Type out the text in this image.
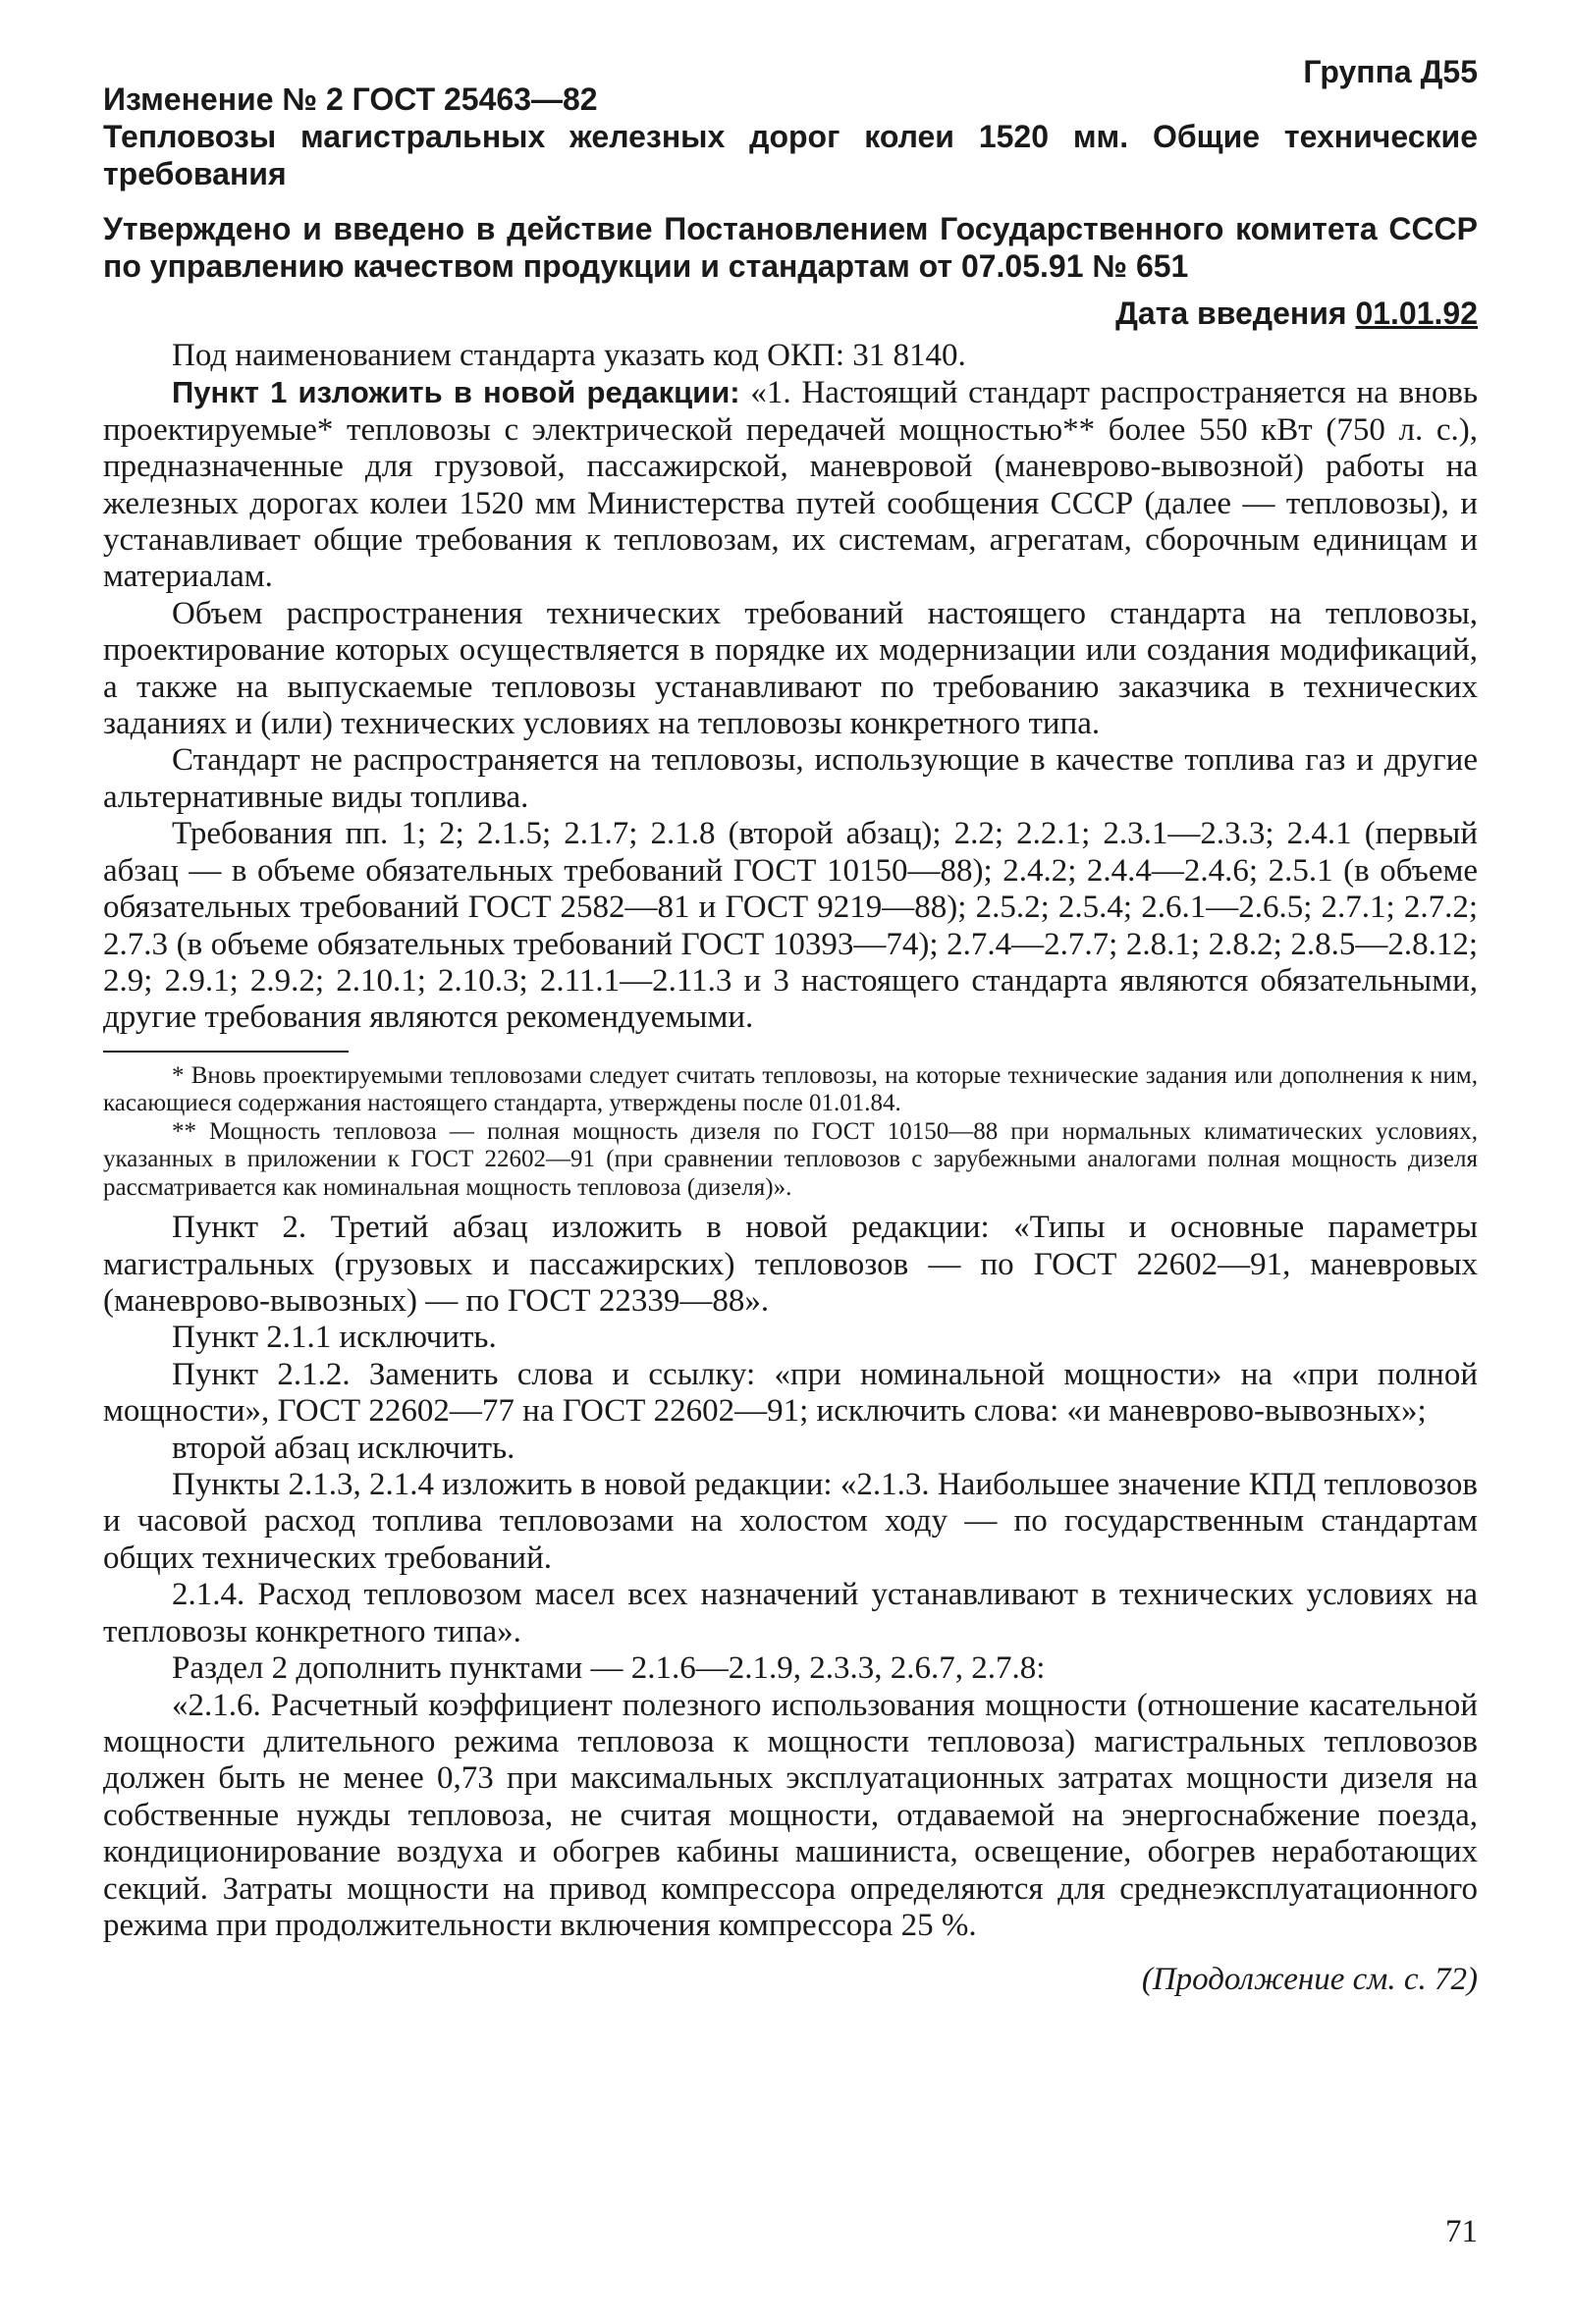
Группа Д55
Изменение № 2 ГОСТ 25463—82
Тепловозы магистральных железных дорог колеи 1520 мм. Общие технические требования
Утверждено и введено в действие Постановлением Государственного комитета СССР по управлению качеством продукции и стандартам от 07.05.91 № 651
Дата введения 01.01.92

Под наименованием стандарта указать код ОКП: 31 8140.

Пункт 1 изложить в новой редакции: «1. Настоящий стандарт распространяется на вновь проектируемые* тепловозы с электрической передачей мощностью** более 550 кВт (750 л. с.), предназначенные для грузовой, пассажирской, маневровой (маневрово-вывозной) работы на железных дорогах колеи 1520 мм Министерства путей сообщения СССР (далее — тепловозы), и устанавливает общие требования к тепловозам, их системам, агрегатам, сборочным единицам и материалам.

Объем распространения технических требований настоящего стандарта на тепловозы, проектирование которых осуществляется в порядке их модернизации или создания модификаций, а также на выпускаемые тепловозы устанавливают по требованию заказчика в технических заданиях и (или) технических условиях на тепловозы конкретного типа.

Стандарт не распространяется на тепловозы, использующие в качестве топлива газ и другие альтернативные виды топлива.

Требования пп. 1; 2; 2.1.5; 2.1.7; 2.1.8 (второй абзац); 2.2; 2.2.1; 2.3.1—2.3.3; 2.4.1 (первый абзац — в объеме обязательных требований ГОСТ 10150—88); 2.4.2; 2.4.4—2.4.6; 2.5.1 (в объеме обязательных требований ГОСТ 2582—81 и ГОСТ 9219—88); 2.5.2; 2.5.4; 2.6.1—2.6.5; 2.7.1; 2.7.2; 2.7.3 (в объеме обязательных требований ГОСТ 10393—74); 2.7.4—2.7.7; 2.8.1; 2.8.2; 2.8.5—2.8.12; 2.9; 2.9.1; 2.9.2; 2.10.1; 2.10.3; 2.11.1—2.11.3 и 3 настоящего стандарта являются обязательными, другие требования являются рекомендуемыми.

* Вновь проектируемыми тепловозами следует считать тепловозы, на которые технические задания или дополнения к ним, касающиеся содержания настоящего стандарта, утверждены после 01.01.84.

** Мощность тепловоза — полная мощность дизеля по ГОСТ 10150—88 при нормальных климатических условиях, указанных в приложении к ГОСТ 22602—91 (при сравнении тепловозов с зарубежными аналогами полная мощность дизеля рассматривается как номинальная мощность тепловоза (дизеля)».

Пункт 2. Третий абзац изложить в новой редакции: «Типы и основные параметры магистральных (грузовых и пассажирских) тепловозов — по ГОСТ 22602—91, маневровых (маневрово-вывозных) — по ГОСТ 22339—88».

Пункт 2.1.1 исключить.

Пункт 2.1.2. Заменить слова и ссылку: «при номинальной мощности» на «при полной мощности», ГОСТ 22602—77 на ГОСТ 22602—91; исключить слова: «и маневрово-вывозных»;

второй абзац исключить.

Пункты 2.1.3, 2.1.4 изложить в новой редакции: «2.1.3. Наибольшее значение КПД тепловозов и часовой расход топлива тепловозами на холостом ходу — по государственным стандартам общих технических требований.

2.1.4. Расход тепловозом масел всех назначений устанавливают в технических условиях на тепловозы конкретного типа».

Раздел 2 дополнить пунктами — 2.1.6—2.1.9, 2.3.3, 2.6.7, 2.7.8:

«2.1.6. Расчетный коэффициент полезного использования мощности (отношение касательной мощности длительного режима тепловоза к мощности тепловоза) магистральных тепловозов должен быть не менее 0,73 при максимальных эксплуатационных затратах мощности дизеля на собственные нужды тепловоза, не считая мощности, отдаваемой на энергоснабжение поезда, кондиционирование воздуха и обогрев кабины машиниста, освещение, обогрев неработающих секций. Затраты мощности на привод компрессора определяются для среднеэксплуатационного режима при продолжительности включения компрессора 25 %.

(Продолжение см. с. 72)
71
